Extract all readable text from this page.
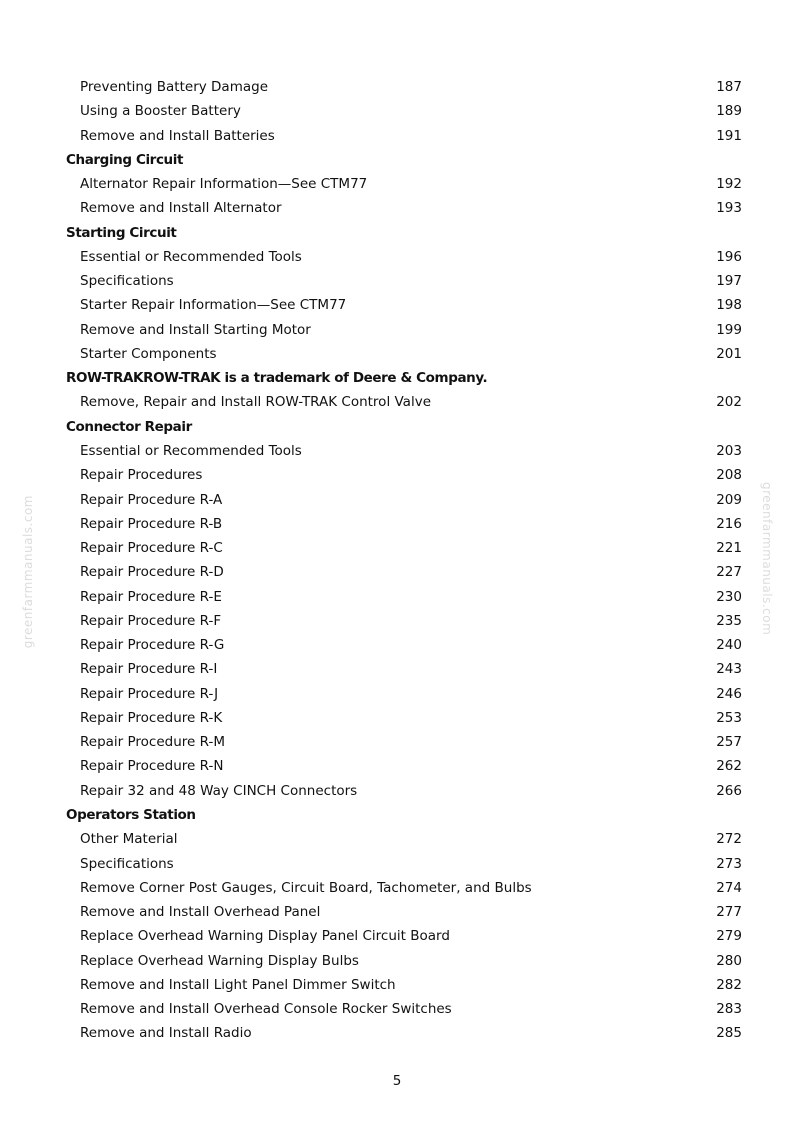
greenfarmmanuals.com	greenfarmmanuals.com
Preventing Battery Damage	187
Using a Booster Battery	189
Remove and Install Batteries	191
Charging Circuit
Alternator Repair Information—See CTM77	192
Remove and Install Alternator	193
Starting Circuit
Essential or Recommended Tools	196
Specifications	197
Starter Repair Information—See CTM77	198
Remove and Install Starting Motor	199
Starter Components	201
ROW-TRAKROW-TRAK is a trademark of Deere & Company.
Remove, Repair and Install ROW-TRAK Control Valve	202
Connector Repair
Essential or Recommended Tools	203
Repair Procedures	208
Repair Procedure R-A	209
Repair Procedure R-B	216
Repair Procedure R-C	221
Repair Procedure R-D	227
Repair Procedure R-E	230
Repair Procedure R-F	235
Repair Procedure R-G	240
Repair Procedure R-I	243
Repair Procedure R-J	246
Repair Procedure R-K	253
Repair Procedure R-M	257
Repair Procedure R-N	262
Repair 32 and 48 Way CINCH Connectors	266
Operators Station
Other Material	272
Specifications	273
Remove Corner Post Gauges, Circuit Board, Tachometer, and Bulbs	274
Remove and Install Overhead Panel	277
Replace Overhead Warning Display Panel Circuit Board	279
Replace Overhead Warning Display Bulbs	280
Remove and Install Light Panel Dimmer Switch	282
Remove and Install Overhead Console Rocker Switches	283
Remove and Install Radio	285
5
